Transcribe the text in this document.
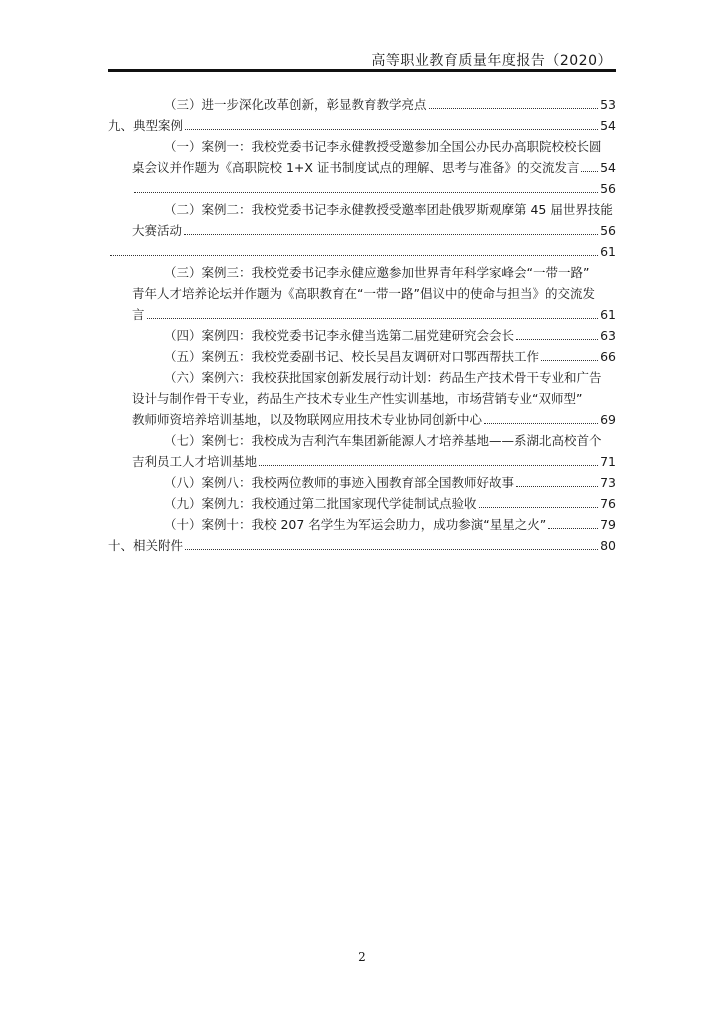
高等职业教育质量年度报告（2020）
（三）进一步深化改革创新，彰显教育教学亮点	53
九、典型案例	54
（一）案例一：我校党委书记李永健教授受邀参加全国公办民办高职院校校长圆
桌会议并作题为《高职院校 1+X 证书制度试点的理解、思考与准备》的交流发言 54
56
（二）案例二：我校党委书记李永健教授受邀率团赴俄罗斯观摩第 45 届世界技能
大赛活动	56
61
（三）案例三：我校党委书记李永健应邀参加世界青年科学家峰会“一带一路”
青年人才培养论坛并作题为《高职教育在“一带一路”倡议中的使命与担当》的交流发
言	61
（四）案例四：我校党委书记李永健当选第二届党建研究会会长	63
（五）案例五：我校党委副书记、校长吴昌友调研对口鄂西帮扶工作	66
（六）案例六：我校获批国家创新发展行动计划：药品生产技术骨干专业和广告
设计与制作骨干专业，药品生产技术专业生产性实训基地，市场营销专业“双师型”
教师师资培养培训基地，以及物联网应用技术专业协同创新中心	69
（七）案例七：我校成为吉利汽车集团新能源人才培养基地——系湖北高校首个
吉利员工人才培训基地	71
（八）案例八：我校两位教师的事迹入围教育部全国教师好故事	73
（九）案例九：我校通过第二批国家现代学徒制试点验收	76
（十）案例十：我校 207 名学生为军运会助力，成功参演“星星之火”	79
十、相关附件	80
2
